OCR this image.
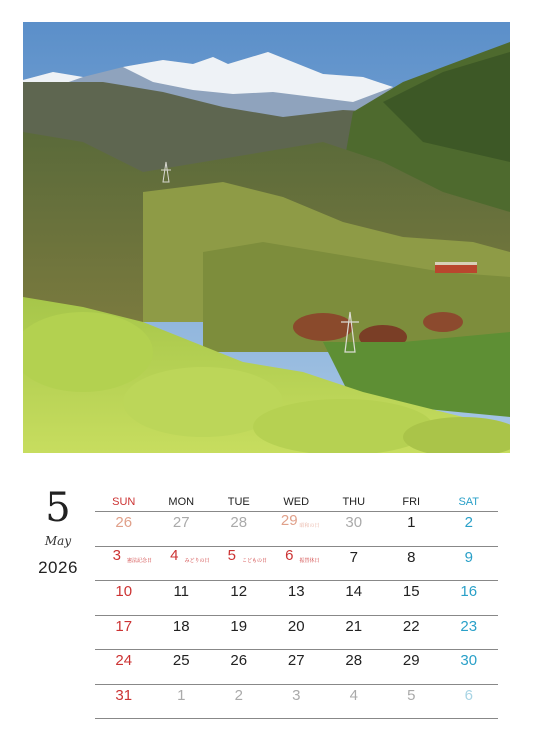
5
May
2026
SUN	MON	TUE	WED	THU	FRI	SAT
26	27	28	29 昭和の日	30	1	2
3 憲法記念日	4 みどりの日	5 こどもの日	6 振替休日	7	8	9
10	11	12	13	14	15	16
17	18	19	20	21	22	23
24	25	26	27	28	29	30
31	1	2	3	4	5	6
